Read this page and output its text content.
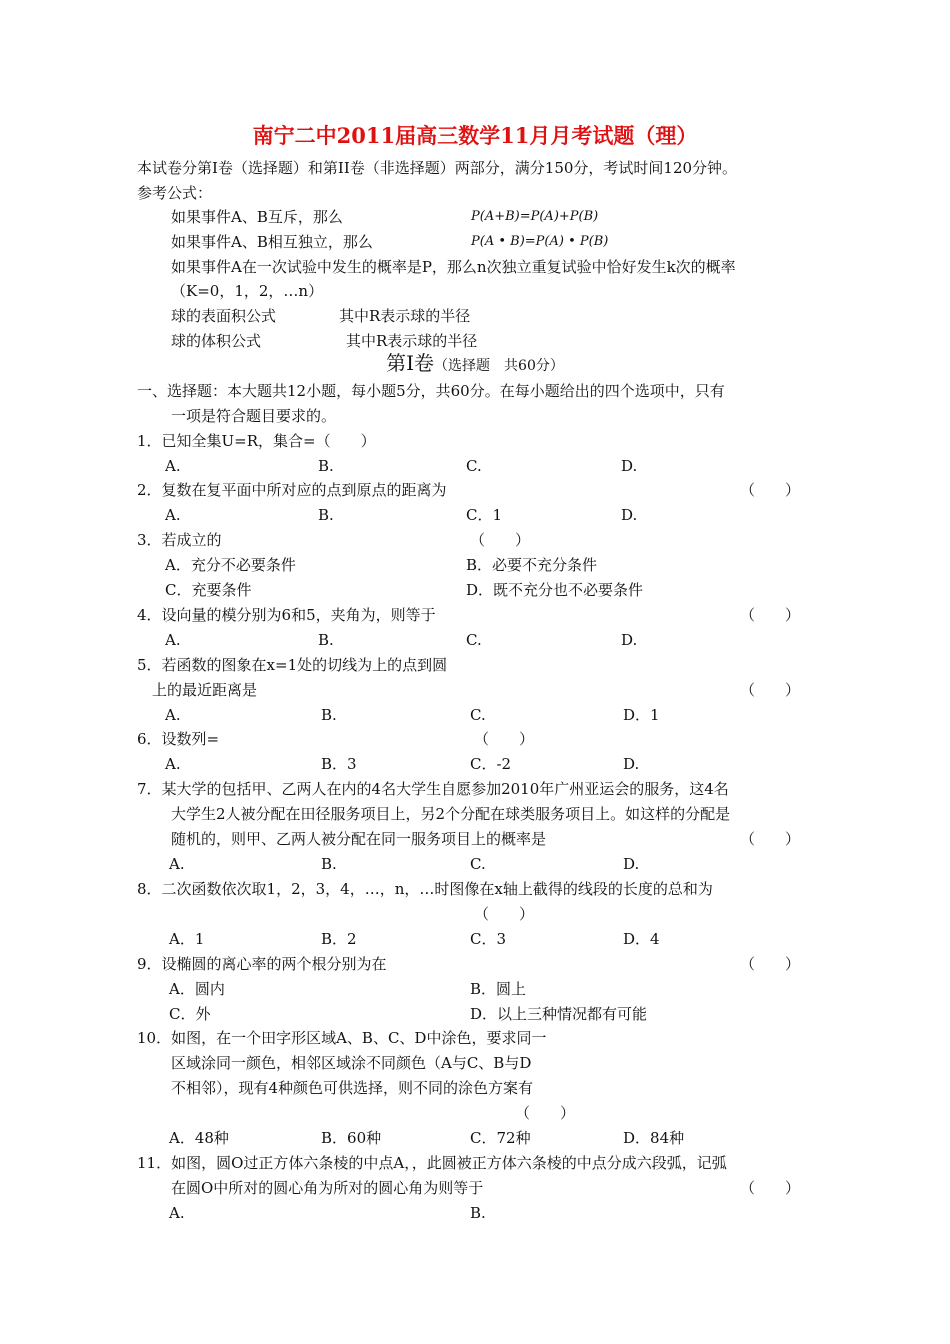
南宁二中2011届高三数学11月月考试题（理）
本试卷分第Ⅰ卷（选择题）和第II卷（非选择题）两部分，满分150分，考试时间120分钟。
参考公式：
如果事件A、B互斥，那么	P(A+B)=P(A)+P(B)
如果事件A、B相互独立，那么	P(A • B)=P(A) • P(B)
如果事件A在一次试验中发生的概率是P，那么n次独立重复试验中恰好发生k次的概率
（K=0，1，2，…n）
球的表面积公式	其中R表示球的半径
球的体积公式	其中R表示球的半径
第Ⅰ卷（选择题　共60分）
一、选择题：本大题共12小题，每小题5分，共60分。在每小题给出的四个选项中，只有
一项是符合题目要求的。
1．已知全集U=R，集合=（　　）
A.	B.	C.	D.
2．复数在复平面中所对应的点到原点的距离为	（　　）
A.	B.	C．1	D.
3．若成立的	（　　）
A．充分不必要条件	B．必要不充分条件
C．充要条件	D．既不充分也不必要条件
4．设向量的模分别为6和5，夹角为，则等于	（　　）
A.	B.	C.	D.
5．若函数的图象在x=1处的切线为上的点到圆
上的最近距离是	（　　）
A.	B.	C.	D．1
6．设数列=	（　　）
A.	B．3	C．-2	D.
7．某大学的包括甲、乙两人在内的4名大学生自愿参加2010年广州亚运会的服务，这4名
大学生2人被分配在田径服务项目上，另2个分配在球类服务项目上。如这样的分配是
随机的，则甲、乙两人被分配在同一服务项目上的概率是	（　　）
A.	B.	C.	D.
8．二次函数依次取1，2，3，4，…，n，…时图像在x轴上截得的线段的长度的总和为
（　　）
A．1	B．2	C．3	D．4
9．设椭圆的离心率的两个根分别为在	（　　）
A．圆内	B．圆上
C．外	D．以上三种情况都有可能
10．如图，在一个田字形区域A、B、C、D中涂色，要求同一
区域涂同一颜色，相邻区域涂不同颜色（A与C、B与D
不相邻），现有4种颜色可供选择，则不同的涂色方案有
（　　）
A．48种	B．60种	C．72种	D．84种
11．如图，圆O过正方体六条棱的中点A，，此圆被正方体六条棱的中点分成六段弧，记弧
在圆O中所对的圆心角为所对的圆心角为则等于	（　　）
A.	B.
